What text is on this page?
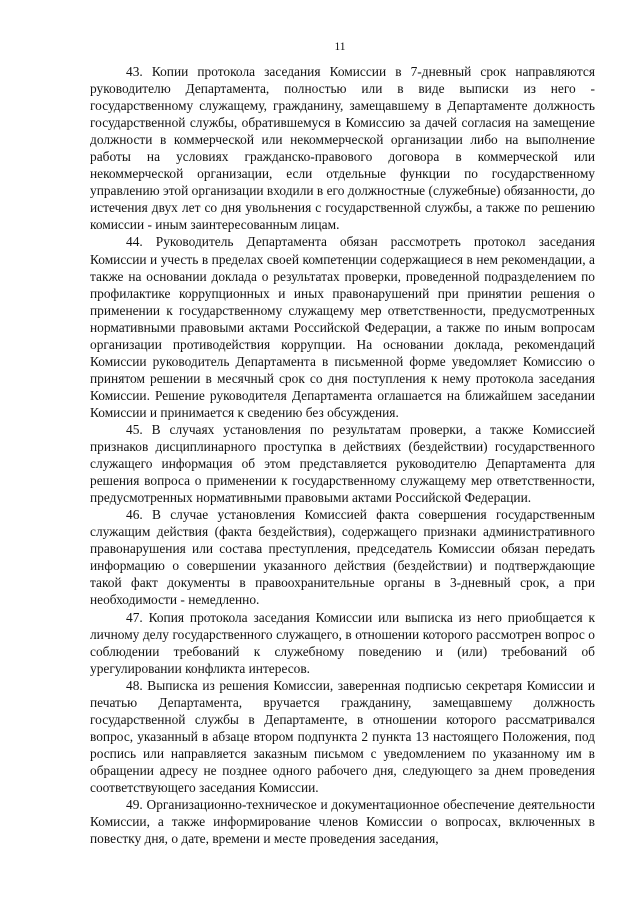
11

43. Копии протокола заседания Комиссии в 7-дневный срок направляются руководителю Департамента, полностью или в виде выписки из него - государственному служащему, гражданину, замещавшему в Департаменте должность государственной службы, обратившемуся в Комиссию за дачей согласия на замещение должности в коммерческой или некоммерческой организации либо на выполнение работы на условиях гражданско-правового договора в коммерческой или некоммерческой организации, если отдельные функции по государственному управлению этой организации входили в его должностные (служебные) обязанности, до истечения двух лет со дня увольнения с государственной службы, а также по решению комиссии - иным заинтересованным лицам.

44. Руководитель Департамента обязан рассмотреть протокол заседания Комиссии и учесть в пределах своей компетенции содержащиеся в нем рекомендации, а также на основании доклада о результатах проверки, проведенной подразделением по профилактике коррупционных и иных правонарушений при принятии решения о применении к государственному служащему мер ответственности, предусмотренных нормативными правовыми актами Российской Федерации, а также по иным вопросам организации противодействия коррупции. На основании доклада, рекомендаций Комиссии руководитель Департамента в письменной форме уведомляет Комиссию о принятом решении в месячный срок со дня поступления к нему протокола заседания Комиссии. Решение руководителя Департамента оглашается на ближайшем заседании Комиссии и принимается к сведению без обсуждения.

45. В случаях установления по результатам проверки, а также Комиссией признаков дисциплинарного проступка в действиях (бездействии) государственного служащего информация об этом представляется руководителю Департамента для решения вопроса о применении к государственному служащему мер ответственности, предусмотренных нормативными правовыми актами Российской Федерации.

46. В случае установления Комиссией факта совершения государственным служащим действия (факта бездействия), содержащего признаки административного правонарушения или состава преступления, председатель Комиссии обязан передать информацию о совершении указанного действия (бездействии) и подтверждающие такой факт документы в правоохранительные органы в 3-дневный срок, а при необходимости - немедленно.

47. Копия протокола заседания Комиссии или выписка из него приобщается к личному делу государственного служащего, в отношении которого рассмотрен вопрос о соблюдении требований к служебному поведению и (или) требований об урегулировании конфликта интересов.

48. Выписка из решения Комиссии, заверенная подписью секретаря Комиссии и печатью Департамента, вручается гражданину, замещавшему должность государственной службы в Департаменте, в отношении которого рассматривался вопрос, указанный в абзаце втором подпункта 2 пункта 13 настоящего Положения, под роспись или направляется заказным письмом с уведомлением по указанному им в обращении адресу не позднее одного рабочего дня, следующего за днем проведения соответствующего заседания Комиссии.

49. Организационно-техническое и документационное обеспечение деятельности Комиссии, а также информирование членов Комиссии о вопросах, включенных в повестку дня, о дате, времени и месте проведения заседания,
